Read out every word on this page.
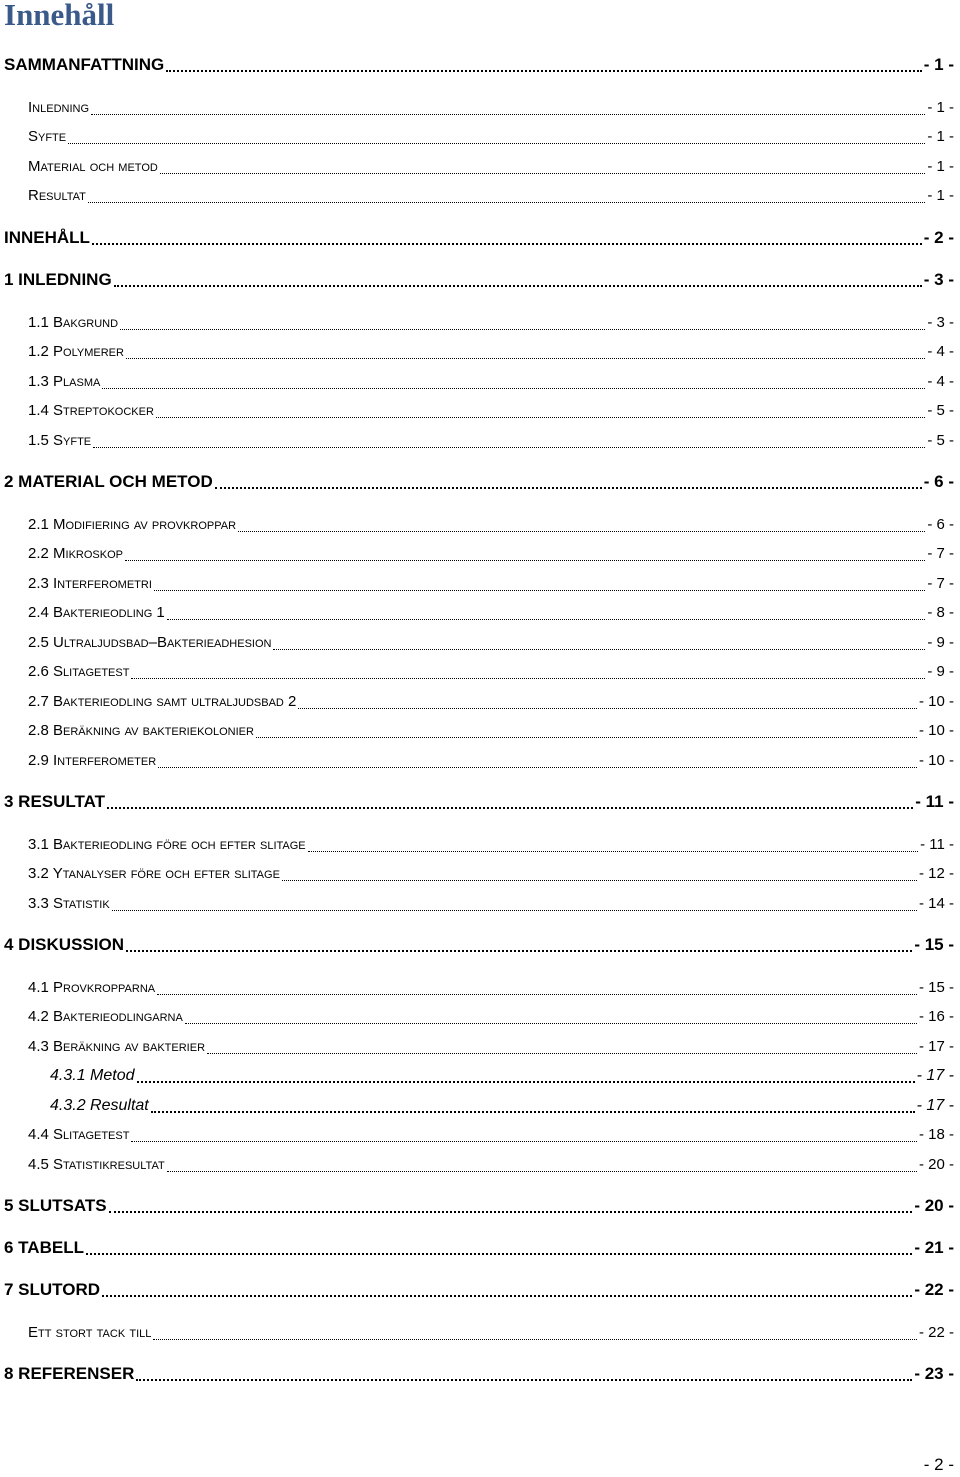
Innehåll
SAMMANFATTNING	- 1 -
Inledning	- 1 -
Syfte	- 1 -
Material och metod	- 1 -
Resultat	- 1 -
INNEHÅLL	- 2 -
1 INLEDNING	- 3 -
1.1 Bakgrund	- 3 -
1.2 Polymerer	- 4 -
1.3 Plasma	- 4 -
1.4 Streptokocker	- 5 -
1.5 Syfte	- 5 -
2 MATERIAL OCH METOD	- 6 -
2.1 Modifiering av provkroppar	- 6 -
2.2 Mikroskop	- 7 -
2.3 Interferometri	- 7 -
2.4 Bakterieodling 1	- 8 -
2.5 Ultraljudsbad–Bakterieadhesion	- 9 -
2.6 Slitagetest	- 9 -
2.7 Bakterieodling samt ultraljudsbad 2	- 10 -
2.8 Beräkning av bakteriekolonier	- 10 -
2.9 Interferometer	- 10 -
3 RESULTAT	- 11 -
3.1 Bakterieodling före och efter slitage	- 11 -
3.2 Ytanalyser före och efter slitage	- 12 -
3.3 Statistik	- 14 -
4 DISKUSSION	- 15 -
4.1 Provkropparna	- 15 -
4.2 Bakterieodlingarna	- 16 -
4.3 Beräkning av bakterier	- 17 -
4.3.1 Metod	- 17 -
4.3.2 Resultat	- 17 -
4.4 Slitagetest	- 18 -
4.5 Statistikresultat	- 20 -
5 SLUTSATS	- 20 -
6 TABELL	- 21 -
7 SLUTORD	- 22 -
Ett stort tack till	- 22 -
8 REFERENSER	- 23 -
- 2 -
